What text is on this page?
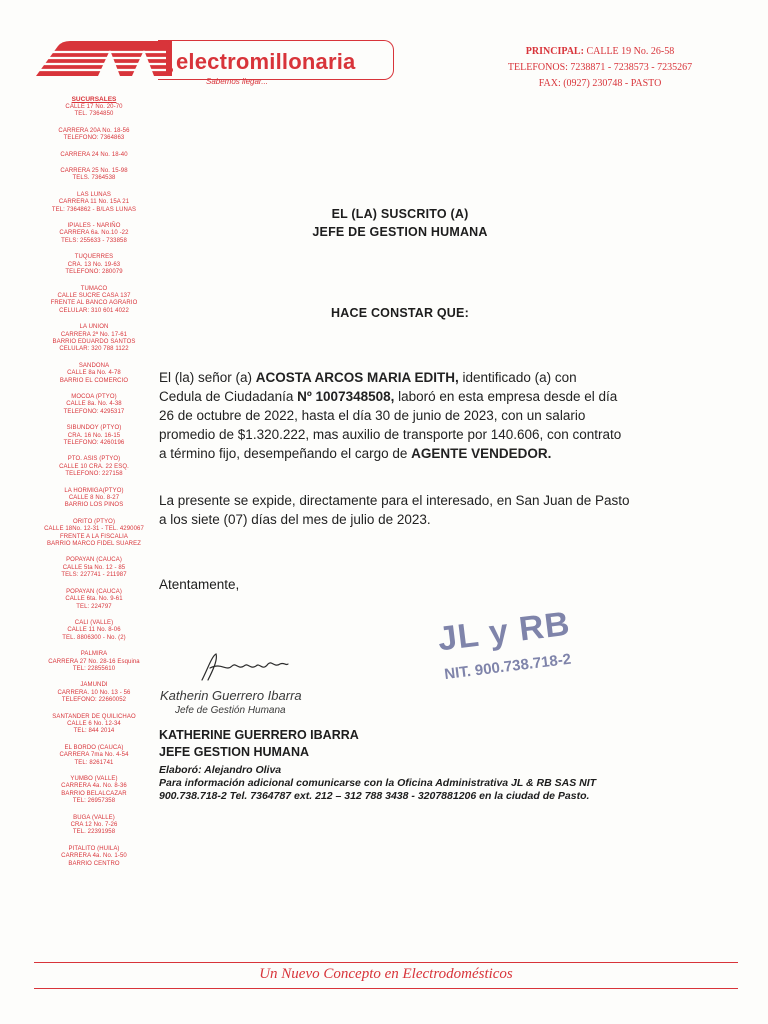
electromillonaria
Sabemos llegar...
PRINCIPAL: CALLE 19 No. 26-58
TELEFONOS: 7238871 - 7238573 - 7235267
FAX: (0927) 230748 - PASTO
SUCURSALES
CALLE 17 No. 20-70
TEL. 7364850
CARRERA 20A No. 18-56
TELEFONO: 7364863
CARRERA 24 No. 18-40
CARRERA 25 No. 15-98
TELS. 7364538
LAS LUNAS
CARRERA 11 No. 15A 21
TEL: 7364862 - B/LAS LUNAS
IPIALES - NARIÑO
CARRERA 6a. No.10 -22
TELS: 255633 - 733858
TUQUERRES
CRA. 13 No. 19-63
TELEFONO: 280079
TUMACO
CALLE SUCRE CASA 137
FRENTE AL BANCO AGRARIO
CELULAR: 310 601 4022
LA UNION
CARRERA 2ª No. 17-61
BARRIO EDUARDO SANTOS
CELULAR: 320 788 1122
SANDONA
CALLE 8a No. 4-78
BARRIO EL COMERCIO
MOCOA (PTYO)
CALLE 8a. No. 4-38
TELEFONO: 4295317
SIBUNDOY (PTYO)
CRA. 16 No. 16-15
TELEFONO: 4260196
PTO. ASIS (PTYO)
CALLE 10 CRA. 22 ESQ.
TELEFONO: 227158
LA HORMIGA(PTYO)
CALLE 8 No. 8-27
BARRIO LOS PINOS
ORITO (PTYO)
CALLE 18No. 12-31 - TEL. 4290067
FRENTE A LA FISCALIA
BARRIO MARCO FIDEL SUAREZ
POPAYAN (CAUCA)
CALLE 5ta No. 12 - 85
TELS: 227741 - 211987
POPAYAN (CAUCA)
CALLE 6ta. No. 9-61
TEL: 224797
CALI (VALLE)
CALLE 11 No. 8-06
TEL. 8806300 - No. (2)
PALMIRA
CARRERA 27 No. 28-16 Esquina
TEL: 22855610
JAMUNDI
CARRERA. 10 No. 13 - 56
TELEFONO: 22660052
SANTANDER DE QUILICHAO
CALLE 6 No. 12-34
TEL: 844 2014
EL BORDO (CAUCA)
CARRERA 7ma No. 4-54
TEL: 8261741
YUMBO (VALLE)
CARRERA 4a. No. 8-36
BARRIO BELALCAZAR
TEL: 26957358
BUGA (VALLE)
CRA 12 No. 7-26
TEL. 22391958
PITALITO (HUILA)
CARRERA 4a. No. 1-50
BARRIO CENTRO
EL (LA) SUSCRITO (A)
JEFE DE GESTION HUMANA
HACE CONSTAR QUE:
El (la) señor (a) ACOSTA ARCOS MARIA EDITH, identificado (a) con
Cedula de Ciudadanía Nº 1007348508, laboró en esta empresa desde el día
26 de octubre de 2022, hasta el día 30 de junio de 2023, con un salario
promedio de $1.320.222, mas auxilio de transporte por 140.606, con contrato
a término fijo, desempeñando el cargo de AGENTE VENDEDOR.
La presente se expide, directamente para el interesado, en San Juan de Pasto
a los siete (07) días del mes de julio de 2023.
Atentamente,
JL y RB
NIT. 900.738.718-2
Katherin Guerrero Ibarra
Jefe de Gestión Humana
KATHERINE GUERRERO IBARRA
JEFE GESTION HUMANA
Elaboró: Alejandro Oliva
Para información adicional comunicarse con la Oficina Administrativa JL & RB SAS NIT
900.738.718-2 Tel. 7364787 ext. 212 – 312 788 3438 - 3207881206 en la ciudad de Pasto.
Un Nuevo Concepto en Electrodomésticos
